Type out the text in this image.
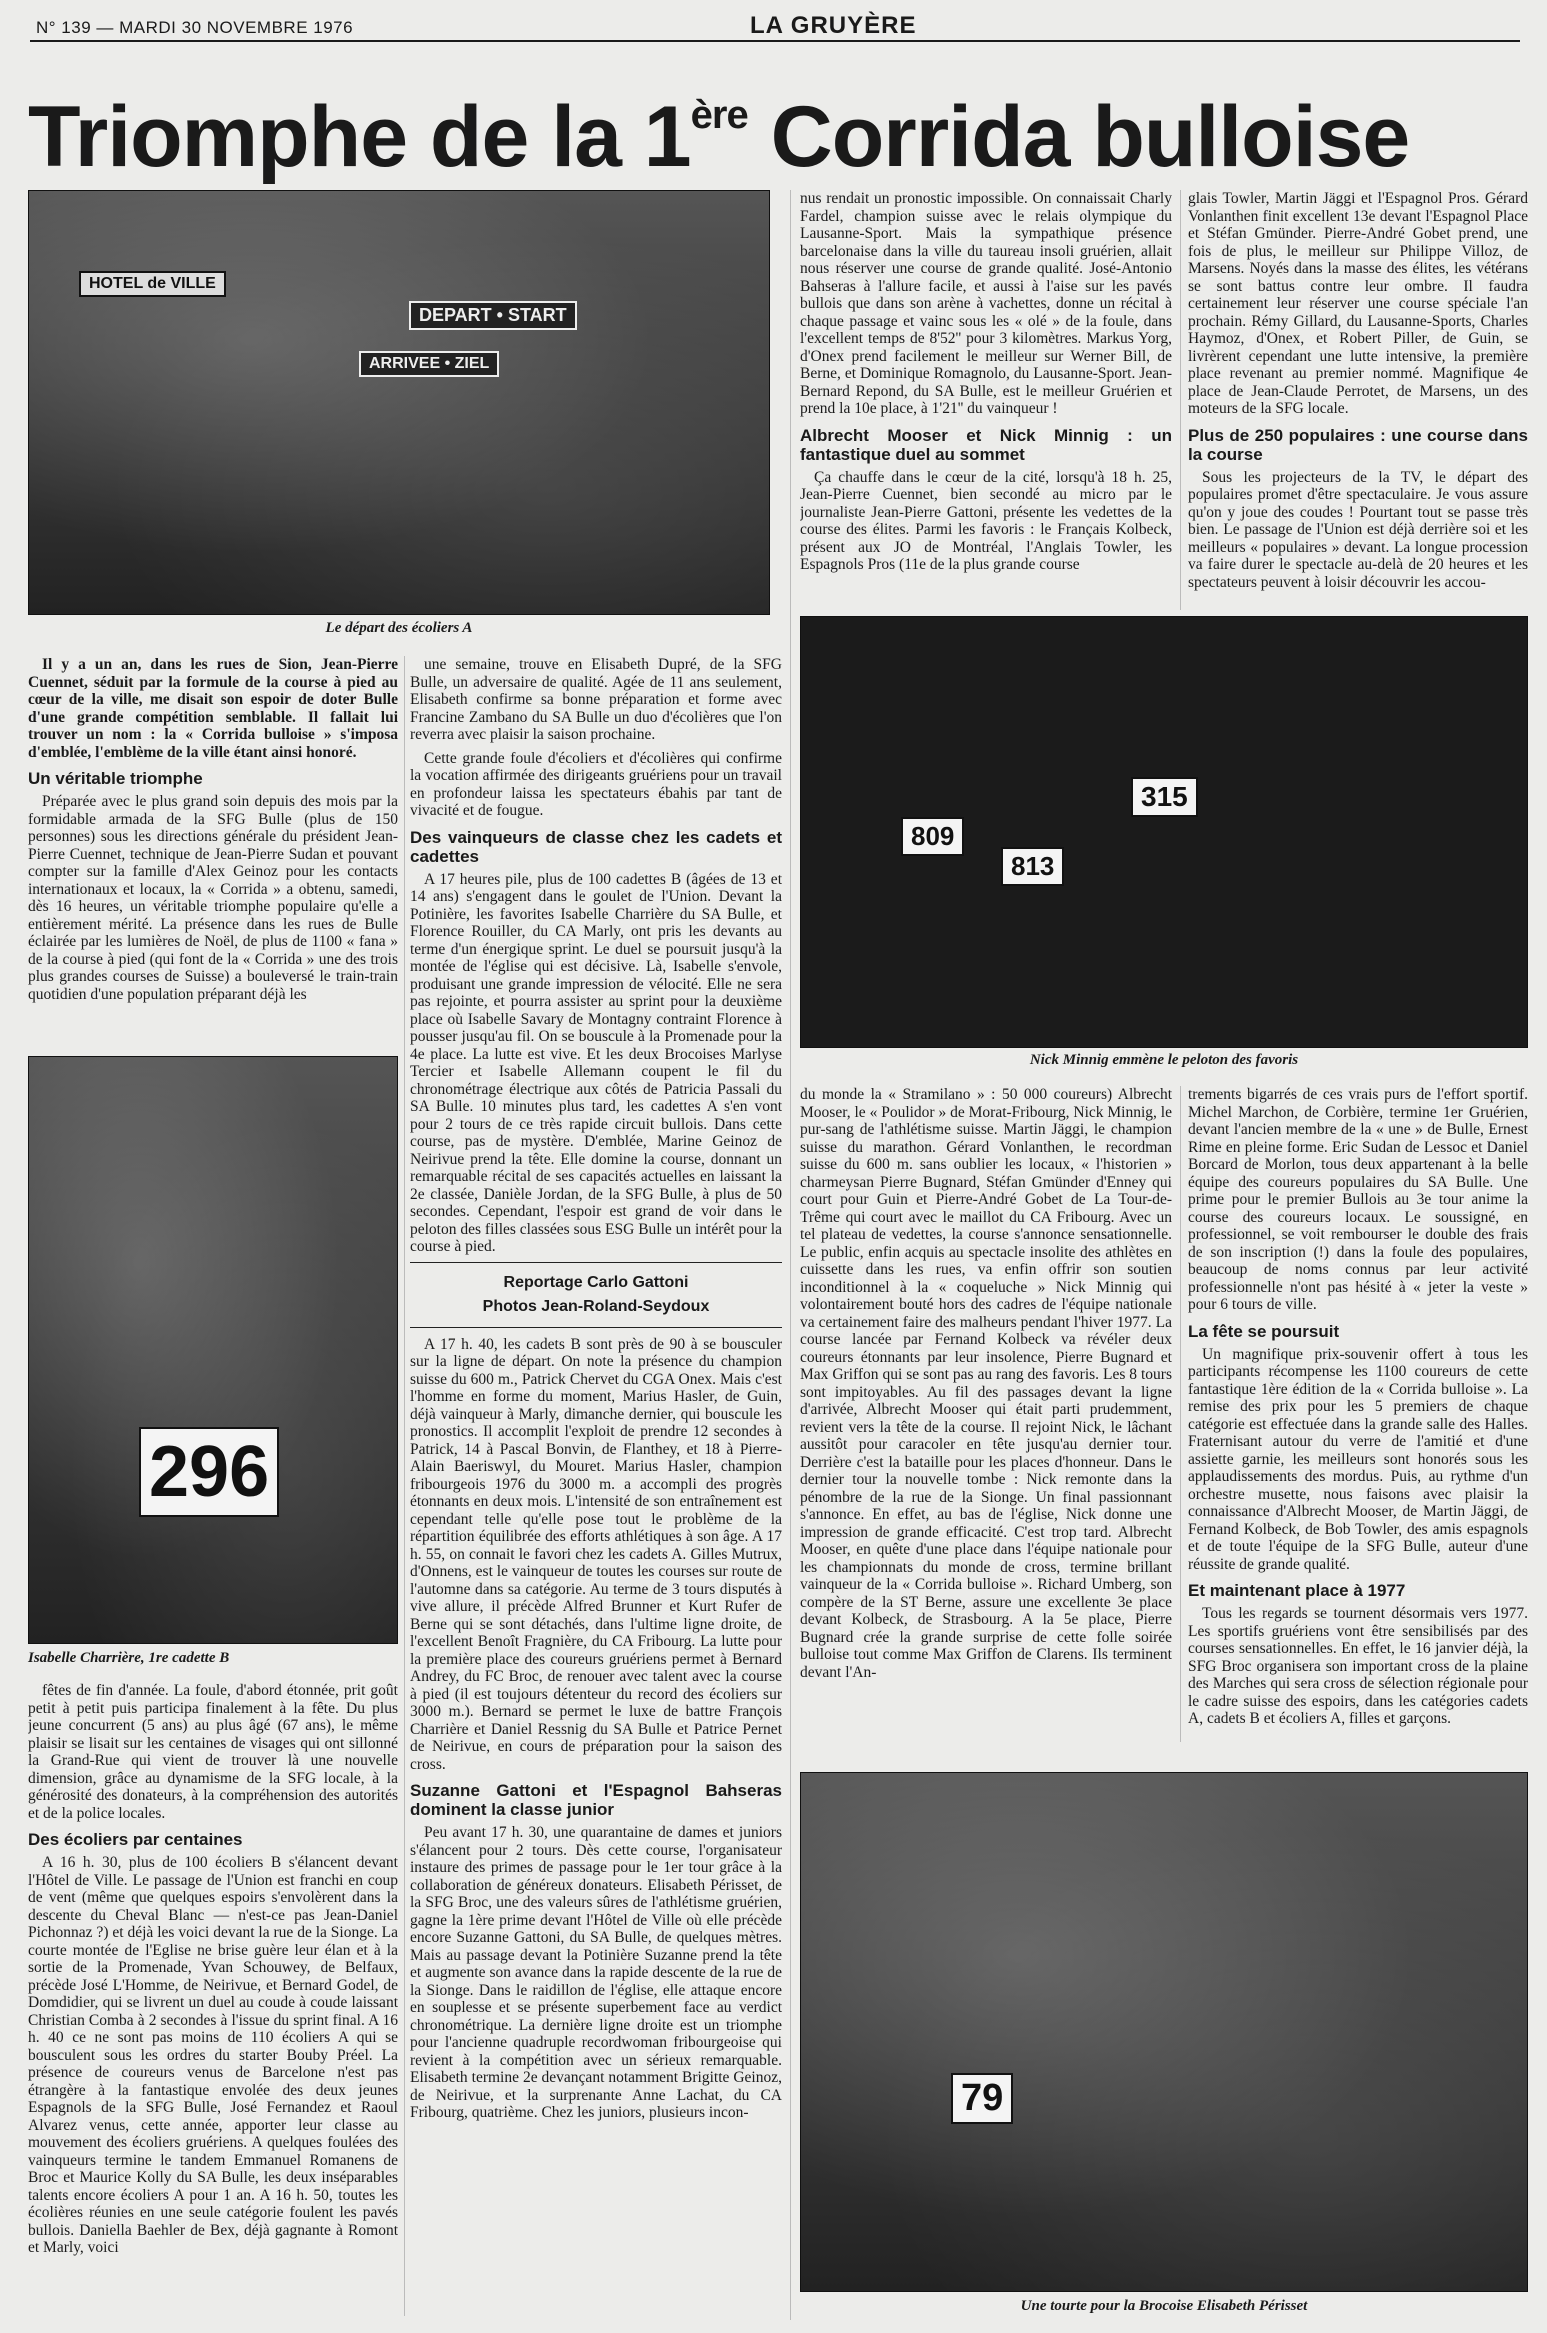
N° 139 — MARDI 30 NOVEMBRE 1976	LA GRUYÈRE
Triomphe de la 1ère Corrida bulloise
HOTEL de VILLE
DEPART • START
ARRIVEE • ZIEL
Le départ des écoliers A

Il y a un an, dans les rues de Sion, Jean-Pierre Cuennet, séduit par la formule de la course à pied au cœur de la ville, me disait son espoir de doter Bulle d'une grande compétition semblable. Il fallait lui trouver un nom : la « Corrida bulloise » s'imposa d'emblée, l'emblème de la ville étant ainsi honoré.

Un véritable triomphe

Préparée avec le plus grand soin depuis des mois par la formidable armada de la SFG Bulle (plus de 150 personnes) sous les directions générale du président Jean-Pierre Cuennet, technique de Jean-Pierre Sudan et pouvant compter sur la famille d'Alex Geinoz pour les contacts internationaux et locaux, la « Corrida » a obtenu, samedi, dès 16 heures, un véritable triomphe populaire qu'elle a entièrement mérité. La présence dans les rues de Bulle éclairée par les lumières de Noël, de plus de 1100 « fana » de la course à pied (qui font de la « Corrida » une des trois plus grandes courses de Suisse) a bouleversé le train-train quotidien d'une population préparant déjà les

296
Isabelle Charrière, 1re cadette B

fêtes de fin d'année. La foule, d'abord étonnée, prit goût petit à petit puis participa finalement à la fête. Du plus jeune concurrent (5 ans) au plus âgé (67 ans), le même plaisir se lisait sur les centaines de visages qui ont sillonné la Grand-Rue qui vient de trouver là une nouvelle dimension, grâce au dynamisme de la SFG locale, à la générosité des donateurs, à la compréhension des autorités et de la police locales.

Des écoliers par centaines

A 16 h. 30, plus de 100 écoliers B s'élancent devant l'Hôtel de Ville. Le passage de l'Union est franchi en coup de vent (même que quelques espoirs s'envolèrent dans la descente du Cheval Blanc — n'est-ce pas Jean-Daniel Pichonnaz ?) et déjà les voici devant la rue de la Sionge. La courte montée de l'Eglise ne brise guère leur élan et à la sortie de la Promenade, Yvan Schouwey, de Belfaux, précède José L'Homme, de Neirivue, et Bernard Godel, de Domdidier, qui se livrent un duel au coude à coude laissant Christian Comba à 2 secondes à l'issue du sprint final. A 16 h. 40 ce ne sont pas moins de 110 écoliers A qui se bousculent sous les ordres du starter Bouby Préel. La présence de coureurs venus de Barcelone n'est pas étrangère à la fantastique envolée des deux jeunes Espagnols de la SFG Bulle, José Fernandez et Raoul Alvarez venus, cette année, apporter leur classe au mouvement des écoliers gruériens. A quelques foulées des vainqueurs termine le tandem Emmanuel Romanens de Broc et Maurice Kolly du SA Bulle, les deux inséparables talents encore écoliers A pour 1 an. A 16 h. 50, toutes les écolières réunies en une seule catégorie foulent les pavés bullois. Daniella Baehler de Bex, déjà gagnante à Romont et Marly, voici

une semaine, trouve en Elisabeth Dupré, de la SFG Bulle, un adversaire de qualité. Agée de 11 ans seulement, Elisabeth confirme sa bonne préparation et forme avec Francine Zambano du SA Bulle un duo d'écolières que l'on reverra avec plaisir la saison prochaine.

Cette grande foule d'écoliers et d'écolières qui confirme la vocation affirmée des dirigeants gruériens pour un travail en profondeur laissa les spectateurs ébahis par tant de vivacité et de fougue.

Des vainqueurs de classe chez les cadets et cadettes

A 17 heures pile, plus de 100 cadettes B (âgées de 13 et 14 ans) s'engagent dans le goulet de l'Union. Devant la Potinière, les favorites Isabelle Charrière du SA Bulle, et Florence Rouiller, du CA Marly, ont pris les devants au terme d'un énergique sprint. Le duel se poursuit jusqu'à la montée de l'église qui est décisive. Là, Isabelle s'envole, produisant une grande impression de vélocité. Elle ne sera pas rejointe, et pourra assister au sprint pour la deuxième place où Isabelle Savary de Montagny contraint Florence à pousser jusqu'au fil. On se bouscule à la Promenade pour la 4e place. La lutte est vive. Et les deux Brocoises Marlyse Tercier et Isabelle Allemann coupent le fil du chronométrage électrique aux côtés de Patricia Passali du SA Bulle. 10 minutes plus tard, les cadettes A s'en vont pour 2 tours de ce très rapide circuit bullois. Dans cette course, pas de mystère. D'emblée, Marine Geinoz de Neirivue prend la tête. Elle domine la course, donnant un remarquable récital de ses capacités actuelles en laissant la 2e classée, Danièle Jordan, de la SFG Bulle, à plus de 50 secondes. Cependant, l'espoir est grand de voir dans le peloton des filles classées sous ESG Bulle un intérêt pour la course à pied.

Reportage Carlo Gattoni
Photos Jean-Roland-Seydoux

A 17 h. 40, les cadets B sont près de 90 à se bousculer sur la ligne de départ. On note la présence du champion suisse du 600 m., Patrick Chervet du CGA Onex. Mais c'est l'homme en forme du moment, Marius Hasler, de Guin, déjà vainqueur à Marly, dimanche dernier, qui bouscule les pronostics. Il accomplit l'exploit de prendre 12 secondes à Patrick, 14 à Pascal Bonvin, de Flanthey, et 18 à Pierre-Alain Baeriswyl, du Mouret. Marius Hasler, champion fribourgeois 1976 du 3000 m. a accompli des progrès étonnants en deux mois. L'intensité de son entraînement est cependant telle qu'elle pose tout le problème de la répartition équilibrée des efforts athlétiques à son âge. A 17 h. 55, on connait le favori chez les cadets A. Gilles Mutrux, d'Onnens, est le vainqueur de toutes les courses sur route de l'automne dans sa catégorie. Au terme de 3 tours disputés à vive allure, il précède Alfred Brunner et Kurt Rufer de Berne qui se sont détachés, dans l'ultime ligne droite, de l'excellent Benoît Fragnière, du CA Fribourg. La lutte pour la première place des coureurs gruériens permet à Bernard Andrey, du FC Broc, de renouer avec talent avec la course à pied (il est toujours détenteur du record des écoliers sur 3000 m.). Bernard se permet le luxe de battre François Charrière et Daniel Ressnig du SA Bulle et Patrice Pernet de Neirivue, en cours de préparation pour la saison des cross.

Suzanne Gattoni et l'Espagnol Bahseras dominent la classe junior

Peu avant 17 h. 30, une quarantaine de dames et juniors s'élancent pour 2 tours. Dès cette course, l'organisateur instaure des primes de passage pour le 1er tour grâce à la collaboration de généreux donateurs. Elisabeth Périsset, de la SFG Broc, une des valeurs sûres de l'athlétisme gruérien, gagne la 1ère prime devant l'Hôtel de Ville où elle précède encore Suzanne Gattoni, du SA Bulle, de quelques mètres. Mais au passage devant la Potinière Suzanne prend la tête et augmente son avance dans la rapide descente de la rue de la Sionge. Dans le raidillon de l'église, elle attaque encore en souplesse et se présente superbement face au verdict chronométrique. La dernière ligne droite est un triomphe pour l'ancienne quadruple recordwoman fribourgeoise qui revient à la compétition avec un sérieux remarquable. Elisabeth termine 2e devançant notamment Brigitte Geinoz, de Neirivue, et la surprenante Anne Lachat, du CA Fribourg, quatrième. Chez les juniors, plusieurs incon-

nus rendait un pronostic impossible. On connaissait Charly Fardel, champion suisse avec le relais olympique du Lausanne-Sport. Mais la sympathique présence barcelonaise dans la ville du taureau insoli gruérien, allait nous réserver une course de grande qualité. José-Antonio Bahseras à l'allure facile, et aussi à l'aise sur les pavés bullois que dans son arène à vachettes, donne un récital à chaque passage et vainc sous les « olé » de la foule, dans l'excellent temps de 8'52'' pour 3 kilomètres. Markus Yorg, d'Onex prend facilement le meilleur sur Werner Bill, de Berne, et Dominique Romagnolo, du Lausanne-Sport. Jean-Bernard Repond, du SA Bulle, est le meilleur Gruérien et prend la 10e place, à 1'21'' du vainqueur !

Albrecht Mooser et Nick Minnig : un fantastique duel au sommet

Ça chauffe dans le cœur de la cité, lorsqu'à 18 h. 25, Jean-Pierre Cuennet, bien secondé au micro par le journaliste Jean-Pierre Gattoni, présente les vedettes de la course des élites. Parmi les favoris : le Français Kolbeck, présent aux JO de Montréal, l'Anglais Towler, les Espagnols Pros (11e de la plus grande course

glais Towler, Martin Jäggi et l'Espagnol Pros. Gérard Vonlanthen finit excellent 13e devant l'Espagnol Place et Stéfan Gmünder. Pierre-André Gobet prend, une fois de plus, le meilleur sur Philippe Villoz, de Marsens. Noyés dans la masse des élites, les vétérans se sont battus contre leur ombre. Il faudra certainement leur réserver une course spéciale l'an prochain. Rémy Gillard, du Lausanne-Sports, Charles Haymoz, d'Onex, et Robert Piller, de Guin, se livrèrent cependant une lutte intensive, la première place revenant au premier nommé. Magnifique 4e place de Jean-Claude Perrotet, de Marsens, un des moteurs de la SFG locale.

Plus de 250 populaires : une course dans la course

Sous les projecteurs de la TV, le départ des populaires promet d'être spectaculaire. Je vous assure qu'on y joue des coudes ! Pourtant tout se passe très bien. Le passage de l'Union est déjà derrière soi et les meilleurs « populaires » devant. La longue procession va faire durer le spectacle au-delà de 20 heures et les spectateurs peuvent à loisir découvrir les accou-

809
813
315
Nick Minnig emmène le peloton des favoris

du monde la « Stramilano » : 50 000 coureurs) Albrecht Mooser, le « Poulidor » de Morat-Fribourg, Nick Minnig, le pur-sang de l'athlétisme suisse. Martin Jäggi, le champion suisse du marathon. Gérard Vonlanthen, le recordman suisse du 600 m. sans oublier les locaux, « l'historien » charmeysan Pierre Bugnard, Stéfan Gmünder d'Enney qui court pour Guin et Pierre-André Gobet de La Tour-de-Trême qui court avec le maillot du CA Fribourg. Avec un tel plateau de vedettes, la course s'annonce sensationnelle. Le public, enfin acquis au spectacle insolite des athlètes en cuissette dans les rues, va enfin offrir son soutien inconditionnel à la « coqueluche » Nick Minnig qui volontairement bouté hors des cadres de l'équipe nationale va certainement faire des malheurs pendant l'hiver 1977. La course lancée par Fernand Kolbeck va révéler deux coureurs étonnants par leur insolence, Pierre Bugnard et Max Griffon qui se sont pas au rang des favoris. Les 8 tours sont impitoyables. Au fil des passages devant la ligne d'arrivée, Albrecht Mooser qui était parti prudemment, revient vers la tête de la course. Il rejoint Nick, le lâchant aussitôt pour caracoler en tête jusqu'au dernier tour. Derrière c'est la bataille pour les places d'honneur. Dans le dernier tour la nouvelle tombe : Nick remonte dans la pénombre de la rue de la Sionge. Un final passionnant s'annonce. En effet, au bas de l'église, Nick donne une impression de grande efficacité. C'est trop tard. Albrecht Mooser, en quête d'une place dans l'équipe nationale pour les championnats du monde de cross, termine brillant vainqueur de la « Corrida bulloise ». Richard Umberg, son compère de la ST Berne, assure une excellente 3e place devant Kolbeck, de Strasbourg. A la 5e place, Pierre Bugnard crée la grande surprise de cette folle soirée bulloise tout comme Max Griffon de Clarens. Ils terminent devant l'An-

trements bigarrés de ces vrais purs de l'effort sportif. Michel Marchon, de Corbière, termine 1er Gruérien, devant l'ancien membre de la « une » de Bulle, Ernest Rime en pleine forme. Eric Sudan de Lessoc et Daniel Borcard de Morlon, tous deux appartenant à la belle équipe des coureurs populaires du SA Bulle. Une prime pour le premier Bullois au 3e tour anime la course des coureurs locaux. Le soussigné, en professionnel, se voit rembourser le double des frais de son inscription (!) dans la foule des populaires, beaucoup de noms connus par leur activité professionnelle n'ont pas hésité à « jeter la veste » pour 6 tours de ville.

La fête se poursuit

Un magnifique prix-souvenir offert à tous les participants récompense les 1100 coureurs de cette fantastique 1ère édition de la « Corrida bulloise ». La remise des prix pour les 5 premiers de chaque catégorie est effectuée dans la grande salle des Halles. Fraternisant autour du verre de l'amitié et d'une assiette garnie, les meilleurs sont honorés sous les applaudissements des mordus. Puis, au rythme d'un orchestre musette, nous faisons avec plaisir la connaissance d'Albrecht Mooser, de Martin Jäggi, de Fernand Kolbeck, de Bob Towler, des amis espagnols et de toute l'équipe de la SFG Bulle, auteur d'une réussite de grande qualité.

Et maintenant place à 1977

Tous les regards se tournent désormais vers 1977. Les sportifs gruériens vont être sensibilisés par des courses sensationnelles. En effet, le 16 janvier déjà, la SFG Broc organisera son important cross de la plaine des Marches qui sera cross de sélection régionale pour le cadre suisse des espoirs, dans les catégories cadets A, cadets B et écoliers A, filles et garçons.

79
Une tourte pour la Brocoise Elisabeth Périsset
